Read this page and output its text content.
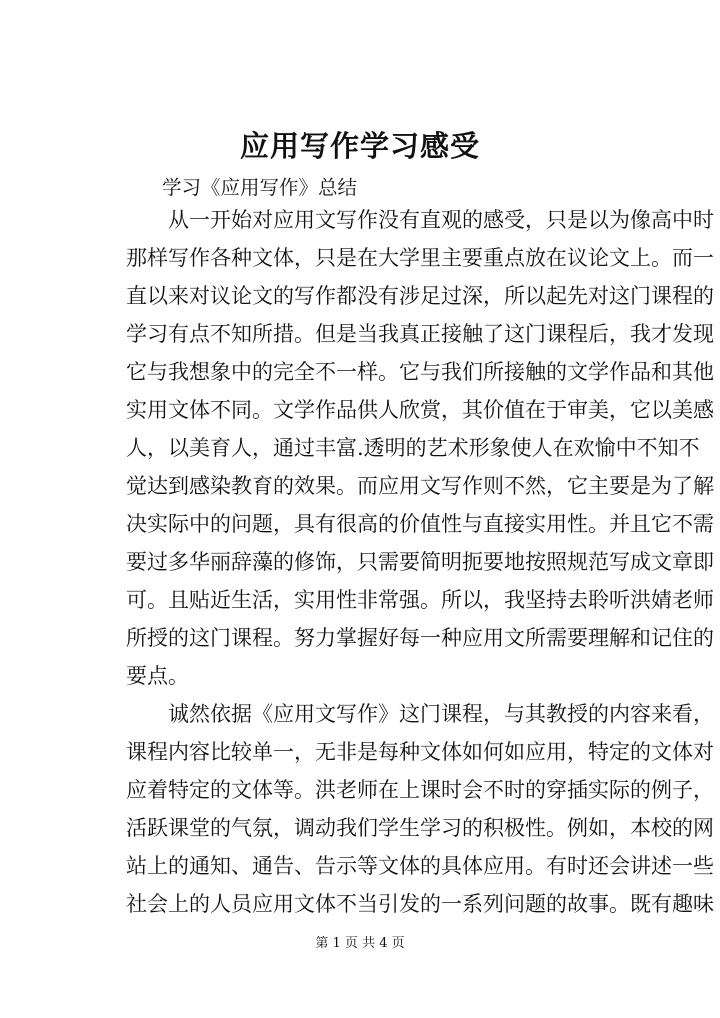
应用写作学习感受
学习《应用写作》总结
从一开始对应用文写作没有直观的感受，只是以为像高中时
那样写作各种文体，只是在大学里主要重点放在议论文上。而一
直以来对议论文的写作都没有涉足过深，所以起先对这门课程的
学习有点不知所措。但是当我真正接触了这门课程后，我才发现
它与我想象中的完全不一样。它与我们所接触的文学作品和其他
实用文体不同。文学作品供人欣赏，其价值在于审美，它以美感
人，以美育人，通过丰富.透明的艺术形象使人在欢愉中不知不
觉达到感染教育的效果。而应用文写作则不然，它主要是为了解
决实际中的问题，具有很高的价值性与直接实用性。并且它不需
要过多华丽辞藻的修饰，只需要简明扼要地按照规范写成文章即
可。且贴近生活，实用性非常强。所以，我坚持去聆听洪婧老师
所授的这门课程。努力掌握好每一种应用文所需要理解和记住的
要点。
诚然依据《应用文写作》这门课程，与其教授的内容来看，
课程内容比较单一，无非是每种文体如何如应用，特定的文体对
应着特定的文体等。洪老师在上课时会不时的穿插实际的例子，
活跃课堂的气氛，调动我们学生学习的积极性。例如，本校的网
站上的通知、通告、告示等文体的具体应用。有时还会讲述一些
社会上的人员应用文体不当引发的一系列问题的故事。既有趣味
第 1 页 共 4 页
